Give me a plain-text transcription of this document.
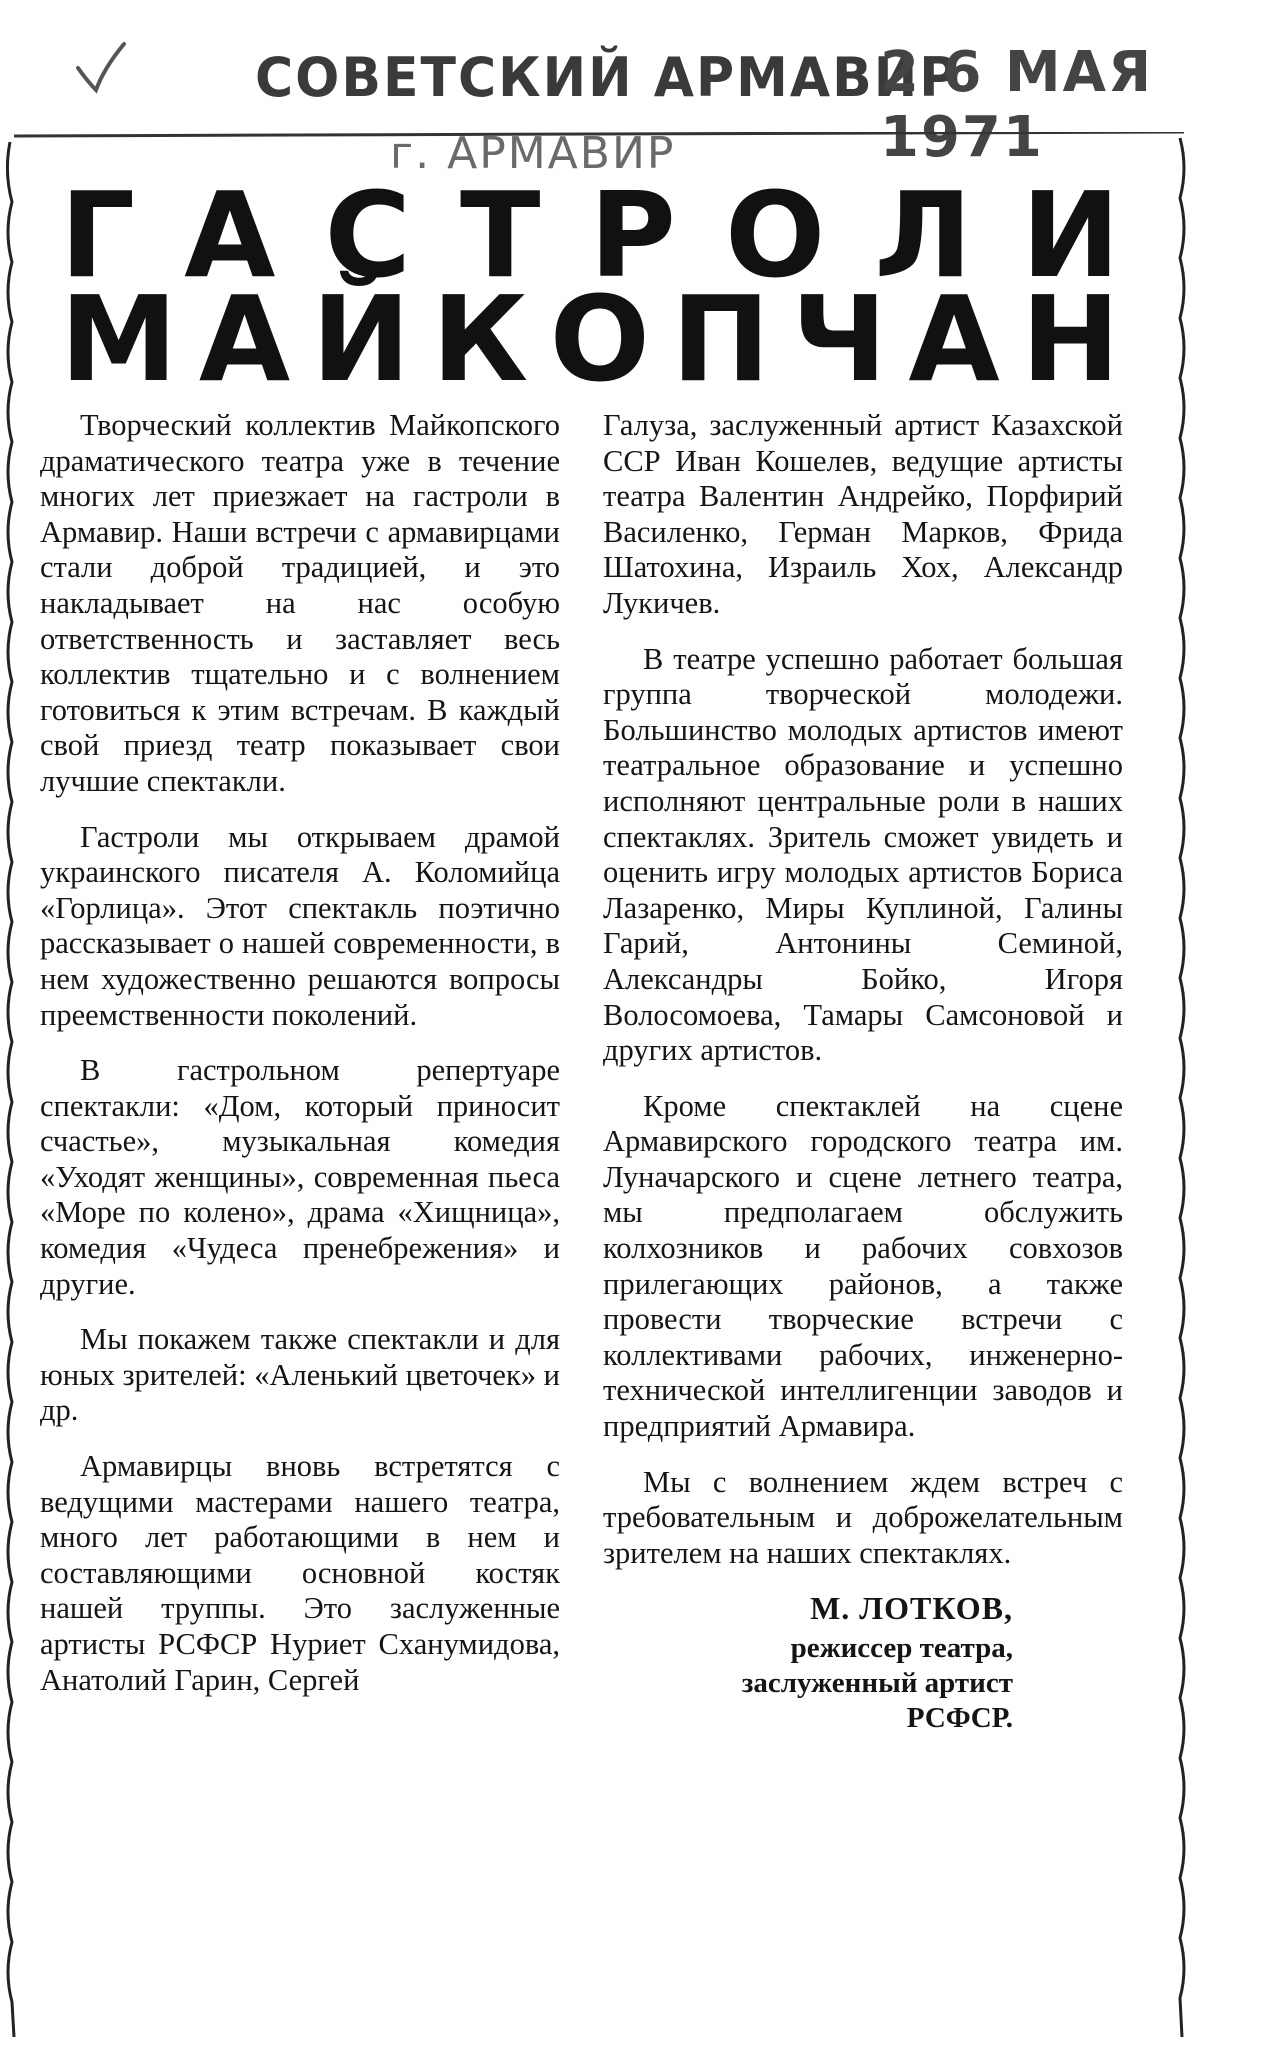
СОВЕТСКИЙ АРМАВИР
2 6 МАЯ 1971
г. АРМАВИР
Г А С Т Р О Л И
М А Й К О П Ч А Н

Творческий коллектив Майкопского драматического театра уже в течение многих лет приезжает на гастроли в Армавир. Наши встречи с армавирцами стали доброй традицией, и это накладывает на нас особую ответственность и заставляет весь коллектив тщательно и с волнением готовиться к этим встречам. В каждый свой приезд театр показывает свои лучшие спектакли.

Гастроли мы открываем драмой украинского писателя А. Коломийца «Горлица». Этот спектакль поэтично рассказывает о нашей современности, в нем художественно решаются вопросы преемственности поколений.

В гастрольном репертуаре спектакли: «Дом, который приносит счастье», музыкальная комедия «Уходят женщины», современная пьеса «Море по колено», драма «Хищница», комедия «Чудеса пренебрежения» и другие.

Мы покажем также спектакли и для юных зрителей: «Аленький цветочек» и др.

Армавирцы вновь встретятся с ведущими мастерами нашего театра, много лет работающими в нем и составляющими основной костяк нашей труппы. Это заслуженные артисты РСФСР Нуриет Сханумидова, Анатолий Гарин, Сергей

Галуза, заслуженный артист Казахской ССР Иван Кошелев, ведущие артисты театра Валентин Андрейко, Порфирий Василенко, Герман Марков, Фрида Шатохина, Израиль Хох, Александр Лукичев.

В театре успешно работает большая группа творческой молодежи. Большинство молодых артистов имеют театральное образование и успешно исполняют центральные роли в наших спектаклях. Зритель сможет увидеть и оценить игру молодых артистов Бориса Лазаренко, Миры Куплиной, Галины Гарий, Антонины Семиной, Александры Бойко, Игоря Волосомоева, Тамары Самсоновой и других артистов.

Кроме спектаклей на сцене Армавирского городского театра им. Луначарского и сцене летнего театра, мы предполагаем обслужить колхозников и рабочих совхозов прилегающих районов, а также провести творческие встречи с коллективами рабочих, инженерно-технической интеллигенции заводов и предприятий Армавира.

Мы с волнением ждем встреч с требовательным и доброжелательным зрителем на наших спектаклях.

М. ЛОТКОВ,
режиссер театра,
заслуженный артист
РСФСР.
